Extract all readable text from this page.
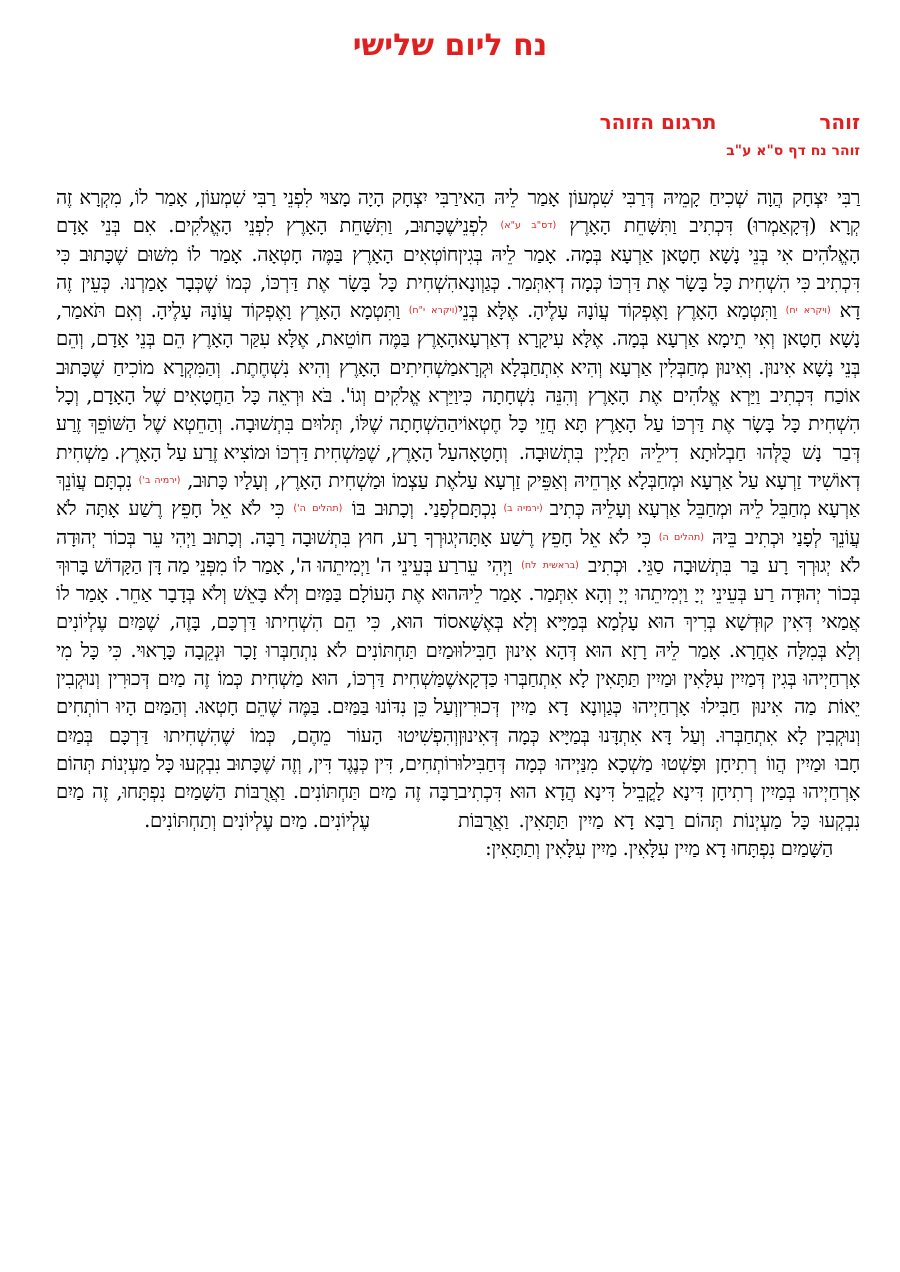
נח ליום שלישי
זוהר
תרגום הזוהר
זוהר נח דף ס"א ע"ב
רַבִּי יִצְחָק הֲוָה שְׁכִיחַ קָמֵיהּ דְּרַבִּי שִׁמְעוֹן אָמַר לֵיהּ הַאי קְרָא (דְּקָאַמְרוּ) דִּכְתִיב וַתִּשָּׁחֵת הָאָרֶץ $^{(דס"ב ע"א)}$ לִפְנֵי הָאֱלֹהִים אִי בְּנֵי נָשָׁא חָטָאן אַרְעָא בְּמָה. אָמַר לֵיהּ בְּגִין דִּכְתִיב כִּי הִשְׁחִית כָּל בָּשָׂר אֶת דַּרְכּוֹ כְּמָה דְאִתְּמַר. כְּגַוְונָא דָא $^{(ויקרא יח)}$ וַתִּטְמָא הָאָרֶץ וָאֶפְקוֹד עֲוֹנָהּ עָלֶיהָ. אֶלָּא בְּנֵי נָשָׁא חָטָאן וְאִי תֵימָא אַרְעָא בְּמָה. אֶלָּא עִיקָרָא דְאַרְעָא בְּנֵי נָשָׁא אִינוּן. וְאִינוּן מְחַבְּלִין אַרְעָא וְהִיא אִתְחַבְּלָא וּקְרָא אוֹכַח דִּכְתִיב וַיַּרְא אֱלֹהִים אֶת הָאָרֶץ וְהִנֵּה נִשְׁחָתָה כִּי הִשְׁחִית כָּל בָּשָׂר אֶת דַּרְכּוֹ עַל הָאָרֶץ תָּא חֲזֵי כָּל חֶטְאוֹי דְּבַר נָשׁ כֻּלְּהוּ חַבְלוּתָא דִילֵיהּ תַּלְיָין בִּתְשׁוּבָה. וְחָטָאָה דְאוֹשִׁיד זַרְעָא עַל אַרְעָא וּמְחַבְּלָא אָרְחֵיהּ וְאַפֵּיק זַרְעָא עַל אַרְעָא מְחַבֵּל לֵיהּ וּמְחַבֵּל אַרְעָא וְעָלֵיהּ כְּתִיב $^{(ירמיה ב)}$ נִכְתָּם עֲוֹנֵךְ לְפָנַי וּכְתִיב בֵּיהּ $^{(תהלים ה)}$ כִּי לֹא אֵל חָפֵץ רֶשַׁע אָתָּה לֹא יְגוּרְךָ רָע בַּר בִּתְשׁוּבָה סַגֵּי. וּכְתִיב $^{(בראשית לח)}$ וַיְהִי עֵר בְּכוֹר יְהוּדָה רַע בְּעֵינֵי יְיָ וַיְמִיתֵהוּ יְיָ וְהָא אִתְּמַר. אָמַר לֵיהּ אֲמַאי דְּאִין קוּדְשָׁא בְּרִיךְ הוּא עָלְמָא בְּמַיָּיא וְלָא בְּאֶשָּׁא וְלָא בְּמִלָּה אַחֲרָא. אָמַר לֵיהּ רָזָא הוּא דְּהָא אִינוּן חַבִּילוּ אָרְחַיְיהוּ בְּגִין דְּמַיִין עִלָּאִין וּמַיִין תַּתָּאִין לָא אִתְחַבְּרוּ כַּדְקָא יֵאוֹת מַה אִינוּן חַבִּילוּ אָרְחַיְיהוּ כְּגַוְונָא דָא מַיִין דְּכוּרִין וְנוּקְבִין לָא אִתְחַבְּרוּ. וְעַל דָּא אִתְדָּנוּ בְּמַיָּיא כְּמָה דְּאִינוּן חָבוּ וּמַיִין הֲווֹ רְתִיחָן וּפָשְׁטוּ מַשְׁכָא מִנַּיְיהוּ כְּמָה דְּחַבִּילוּ אָרְחַיְיהוּ בְּמַיִין רְתִיחָן דִּינָא לָקֳבֵיל דִּינָא הֲדָא הוּא דִּכְתִיב נִבְקְעוּ כָּל מַעְיְנוֹת תְּהוֹם רַבָּא דָא מַיִין תַּתָּאִין. וַאֲרֻבּוֹת הַשָּׁמַיִם נִפְתָּחוּ דָא מַיִין עִלָּאִין. מַיִין עִלָּאִין וְתַתָּאִין:
רַבִּי יִצְחָק הָיָה מָצוּי לִפְנֵי רַבִּי שִׁמְעוֹן, אָמַר לוֹ, מִקְרָא זֶה שֶׁכָּתוּב, וַתִּשָּׁחֵת הָאָרֶץ לִפְנֵי הָאֱלֹקִים. אִם בְּנֵי אָדָם חוֹטְאִים הָאָרֶץ בַּמֶּה חָטְאָה. אָמַר לוֹ מִשּׁוּם שֶׁכָּתוּב כִּי הִשְׁחִית כָּל בָּשָׂר אֶת דַּרְכּוֹ, כְּמוֹ שֶׁכְּבָר אָמַרְנוּ. כְּעֵין זֶה $^{(ויקרא י"ח)}$ וַתִּטְמָא הָאָרֶץ וָאֶפְקוֹד עֲוֹנָהּ עָלֶיהָ. וְאִם תֹּאמַר, הָאָרֶץ בַּמֶּה חוֹטֵאת, אֶלָּא עִקַּר הָאָרֶץ הֵם בְּנֵי אָדָם, וְהֵם מַשְׁחִיתִים הָאָרֶץ וְהִיא נִשְׁחֶתֶת. וְהַמִּקְרָא מוֹכִיחַ שֶׁכָּתוּב וַיַּרְא אֱלֹקִים וְגוֹ'. בֹּא וּרְאֵה כָּל הַחֲטָאִים שֶׁל הָאָדָם, וְכָל הַהַשְׁחָתָה שֶׁלּוֹ, תְּלוּיִם בִּתְשׁוּבָה. וְהַחֵטְא שֶׁל הַשּׁוֹפֵךְ זֶרַע עַל הָאָרֶץ, שֶׁמַּשְׁחִית דַּרְכּוֹ וּמוֹצִיא זֶרַע עַל הָאָרֶץ. מַשְׁחִית אֶת עַצְמוֹ וּמַשְׁחִית הָאָרֶץ, וְעָלָיו כָּתוּב, $^{(ירמיה ב')}$ נִכְתָּם עֲוֹנֵךְ לְפָנַי. וְכָתוּב בּוֹ $^{(תהלים ה')}$ כִּי לֹא אֵל חָפֵץ רֶשַׁע אָתָּה לֹא יְגוּרְךָ רָע, חוּץ בִּתְשׁוּבָה רַבָּה. וְכָתוּב וַיְהִי עֵר בְּכוֹר יְהוּדָה רַע בְּעֵינֵי ה' וַיְמִיתֵהוּ ה', אָמַר לוֹ מִפְּנֵי מַה דָּן הַקָּדוֹשׁ בָּרוּךְ הוּא אֶת הָעוֹלָם בַּמַּיִם וְלֹא בָּאֵשׁ וְלֹא בְּדָבָר אַחֵר. אָמַר לוֹ סוֹד הוּא, כִּי הֵם הִשְׁחִיתוּ דַּרְכָּם, בָּזֶה, שֶׁמַּיִם עֶלְיוֹנִים וּמַיִם תַּחְתּוֹנִים לֹא נִתְחַבְּרוּ זָכָר וּנְקֵבָה כָּרָאוּי. כִּי כָּל מִי שֶׁמַּשְׁחִית דַּרְכּוֹ, הוּא מַשְׁחִית כְּמוֹ זֶה מַיִם דְּכוּרִין וְנוּקְבִין וְעַל כֵּן נִדּוֹנוּ בַּמַּיִם. בַּמֶּה שֶׁהֵם חָטְאוּ. וְהַמַּיִם הָיוּ רוֹתְחִים וְהִפְשִׁיטוּ הָעוֹר מֵהֶם, כְּמוֹ שֶׁהִשְׁחִיתוּ דַּרְכָּם בְּמַיִם רוֹתְחִים, דִּין כְּנֶגֶד דִּין, וְזֶה שֶׁכָּתוּב נִבְקְעוּ כָּל מַעְיְנוֹת תְּהוֹם רַבָּה זֶה מַיִם תַּחְתּוֹנִים. וַאֲרֻבּוֹת הַשָּׁמַיִם נִפְתָּחוּ, זֶה מַיִם עֶלְיוֹנִים. מַיִם עֶלְיוֹנִים וְתַחְתּוֹנִים.
